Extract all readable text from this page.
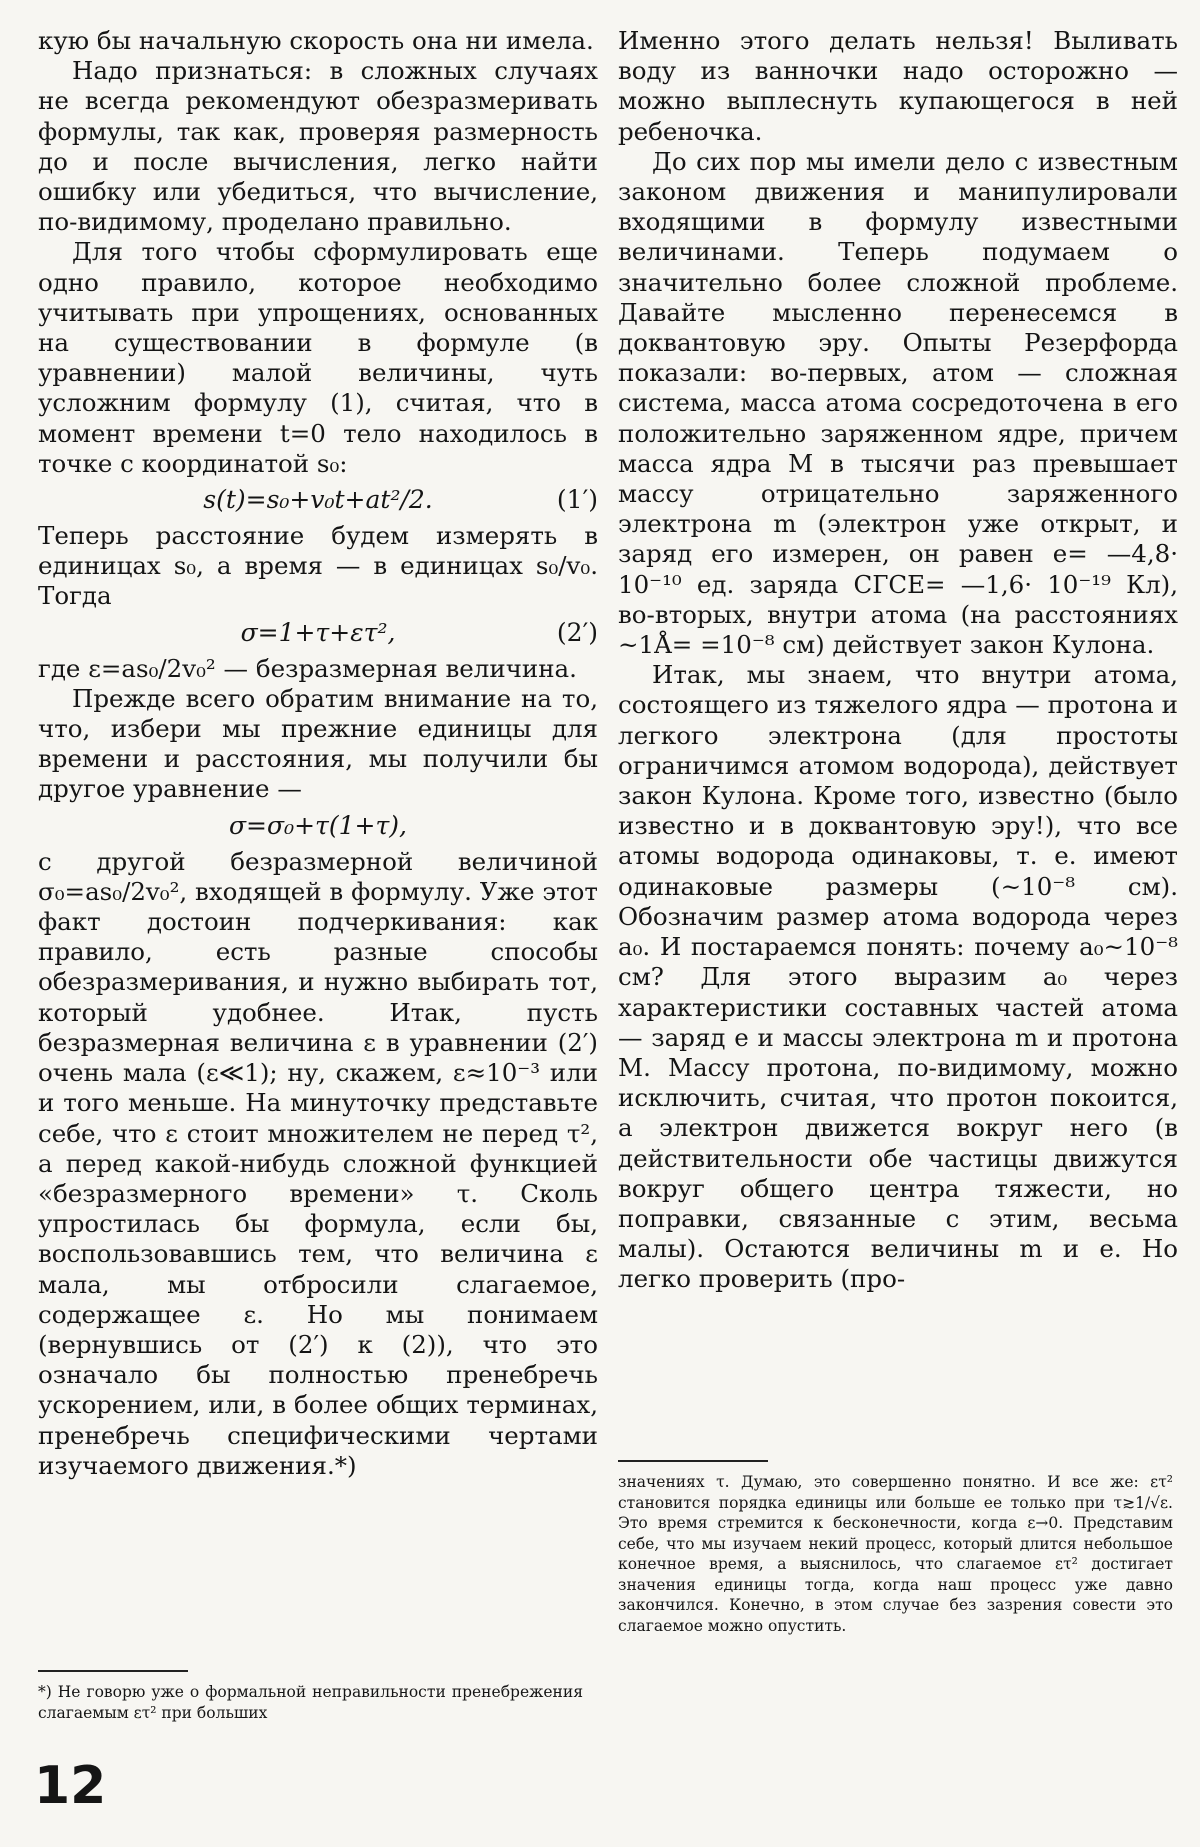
кую бы начальную скорость она ни имела.

Надо признаться: в сложных случаях не всегда рекомендуют обезразмеривать формулы, так как, проверяя размерность до и после вычисления, легко найти ошибку или убедиться, что вычисление, по-видимому, проделано правильно.

Для того чтобы сформулировать еще одно правило, которое необходимо учитывать при упрощениях, основанных на существовании в формуле (в уравнении) малой величины, чуть усложним формулу (1), считая, что в момент времени t=0 тело находилось в точке с координатой s₀:

s(t)=s₀+v₀t+at²/2.	(1′)

Теперь расстояние будем измерять в единицах s₀, а время — в единицах s₀/v₀. Тогда

σ=1+τ+ετ²,	(2′)

где ε=as₀/2v₀² — безразмерная величина.

Прежде всего обратим внимание на то, что, избери мы прежние единицы для времени и расстояния, мы получили бы другое уравнение —

σ=σ₀+τ(1+τ),

с другой безразмерной величиной σ₀=as₀/2v₀², входящей в формулу. Уже этот факт достоин подчеркивания: как правило, есть разные способы обезразмеривания, и нужно выбирать тот, который удобнее. Итак, пусть безразмерная величина ε в уравнении (2′) очень мала (ε≪1); ну, скажем, ε≈10⁻³ или и того меньше. На минуточку представьте себе, что ε стоит множителем не перед τ², а перед какой-нибудь сложной функцией «безразмерного времени» τ. Сколь упростилась бы формула, если бы, воспользовавшись тем, что величина ε мала, мы отбросили слагаемое, содержащее ε. Но мы понимаем (вернувшись от (2′) к (2)), что это означало бы полностью пренебречь ускорением, или, в более общих терминах, пренебречь специфическими чертами изучаемого движения.*)

*) Не говорю уже о формальной неправильности пренебрежения слагаемым ετ² при больших

Именно этого делать нельзя! Выливать воду из ванночки надо осторожно — можно выплеснуть купающегося в ней ребеночка.

До сих пор мы имели дело с известным законом движения и манипулировали входящими в формулу известными величинами. Теперь подумаем о значительно более сложной проблеме. Давайте мысленно перенесемся в доквантовую эру. Опыты Резерфорда показали: во-первых, атом — сложная система, масса атома сосредоточена в его положительно заряженном ядре, причем масса ядра M в тысячи раз превышает массу отрицательно заряженного электрона m (электрон уже открыт, и заряд его измерен, он равен e= —4,8· 10⁻¹⁰ ед. заряда СГСЕ= —1,6· 10⁻¹⁹ Кл), во-вторых, внутри атома (на расстояниях ~1Å= =10⁻⁸ см) действует закон Кулона.

Итак, мы знаем, что внутри атома, состоящего из тяжелого ядра — протона и легкого электрона (для простоты ограничимся атомом водорода), действует закон Кулона. Кроме того, известно (было известно и в доквантовую эру!), что все атомы водорода одинаковы, т. е. имеют одинаковые размеры (~10⁻⁸ см). Обозначим размер атома водорода через a₀. И постараемся понять: почему a₀~10⁻⁸ см? Для этого выразим a₀ через характеристики составных частей атома — заряд e и массы электрона m и протона M. Массу протона, по-видимому, можно исключить, считая, что протон покоится, а электрон движется вокруг него (в действительности обе частицы движутся вокруг общего центра тяжести, но поправки, связанные с этим, весьма малы). Остаются величины m и e. Но легко проверить (про-

значениях τ. Думаю, это совершенно понятно. И все же: ετ² становится порядка единицы или больше ее только при τ≳1/√ε. Это время стремится к бесконечности, когда ε→0. Представим себе, что мы изучаем некий процесс, который длится небольшое конечное время, а выяснилось, что слагаемое ετ² достигает значения единицы тогда, когда наш процесс уже давно закончился. Конечно, в этом случае без зазрения совести это слагаемое можно опустить.

12
